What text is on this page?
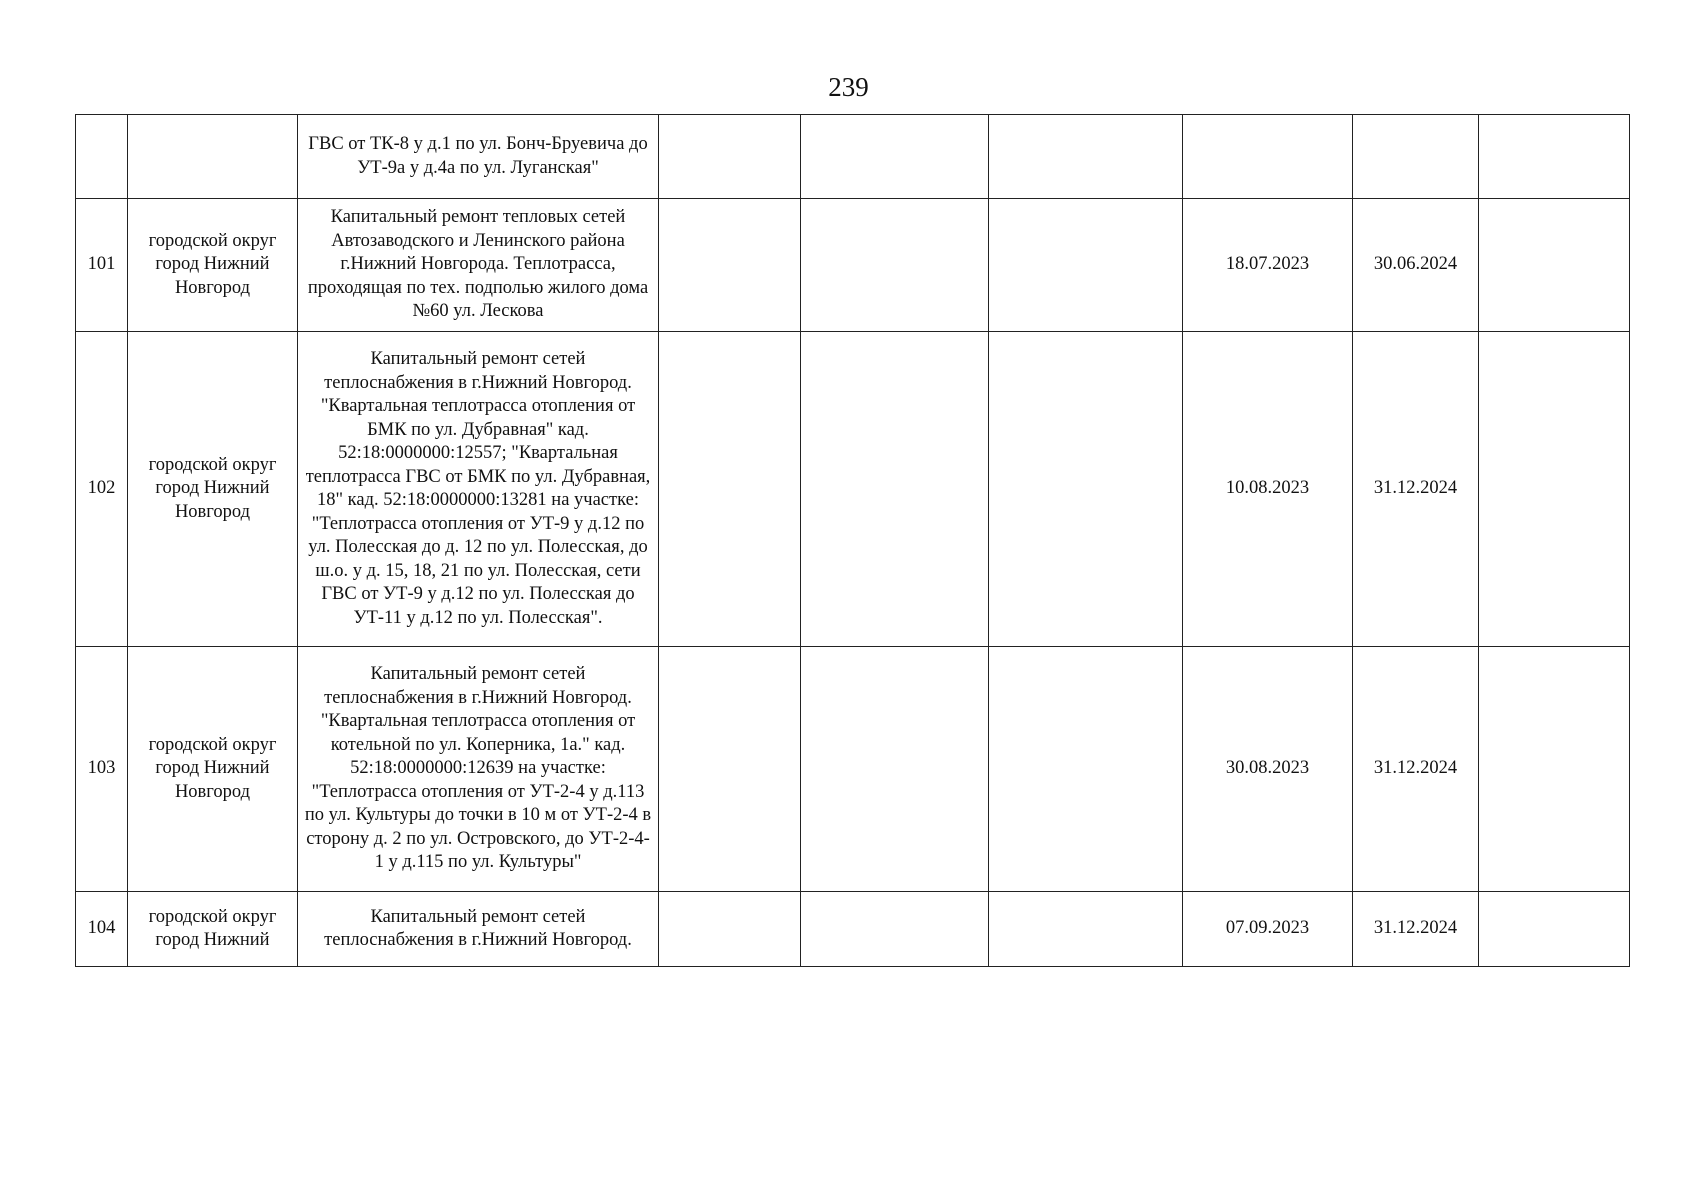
239
		ГВС от ТК-8 у д.1 по ул. Бонч-Бруевича до УТ-9а у д.4а по ул. Луганская"						
101	городской округ город Нижний Новгород	Капитальный ремонт тепловых сетей Автозаводского и Ленинского района г.Нижний Новгорода. Теплотрасса, проходящая по тех. подполью жилого дома №60 ул. Лескова				18.07.2023	30.06.2024	
102	городской округ город Нижний Новгород	Капитальный ремонт сетей теплоснабжения в г.Нижний Новгород. "Квартальная теплотрасса отопления от БМК по ул. Дубравная" кад. 52:18:0000000:12557; "Квартальная теплотрасса ГВС от БМК по ул. Дубравная, 18" кад. 52:18:0000000:13281 на участке: "Теплотрасса отопления от УТ-9 у д.12 по ул. Полесская до д. 12 по ул. Полесская, до ш.о. у д. 15, 18, 21 по ул. Полесская, сети ГВС от УТ-9 у д.12 по ул. Полесская до УТ-11 у д.12 по ул. Полесская".				10.08.2023	31.12.2024	
103	городской округ город Нижний Новгород	Капитальный ремонт сетей теплоснабжения в г.Нижний Новгород. "Квартальная теплотрасса отопления от котельной по ул. Коперника, 1а." кад. 52:18:0000000:12639 на участке: "Теплотрасса отопления от УТ-2-4 у д.113 по ул. Культуры до точки в 10 м от УТ-2-4 в сторону д. 2 по ул. Островского, до УТ-2-4-1 у д.115 по ул. Культуры"				30.08.2023	31.12.2024	
104	городской округ город Нижний	Капитальный ремонт сетей теплоснабжения в г.Нижний Новгород.				07.09.2023	31.12.2024	
